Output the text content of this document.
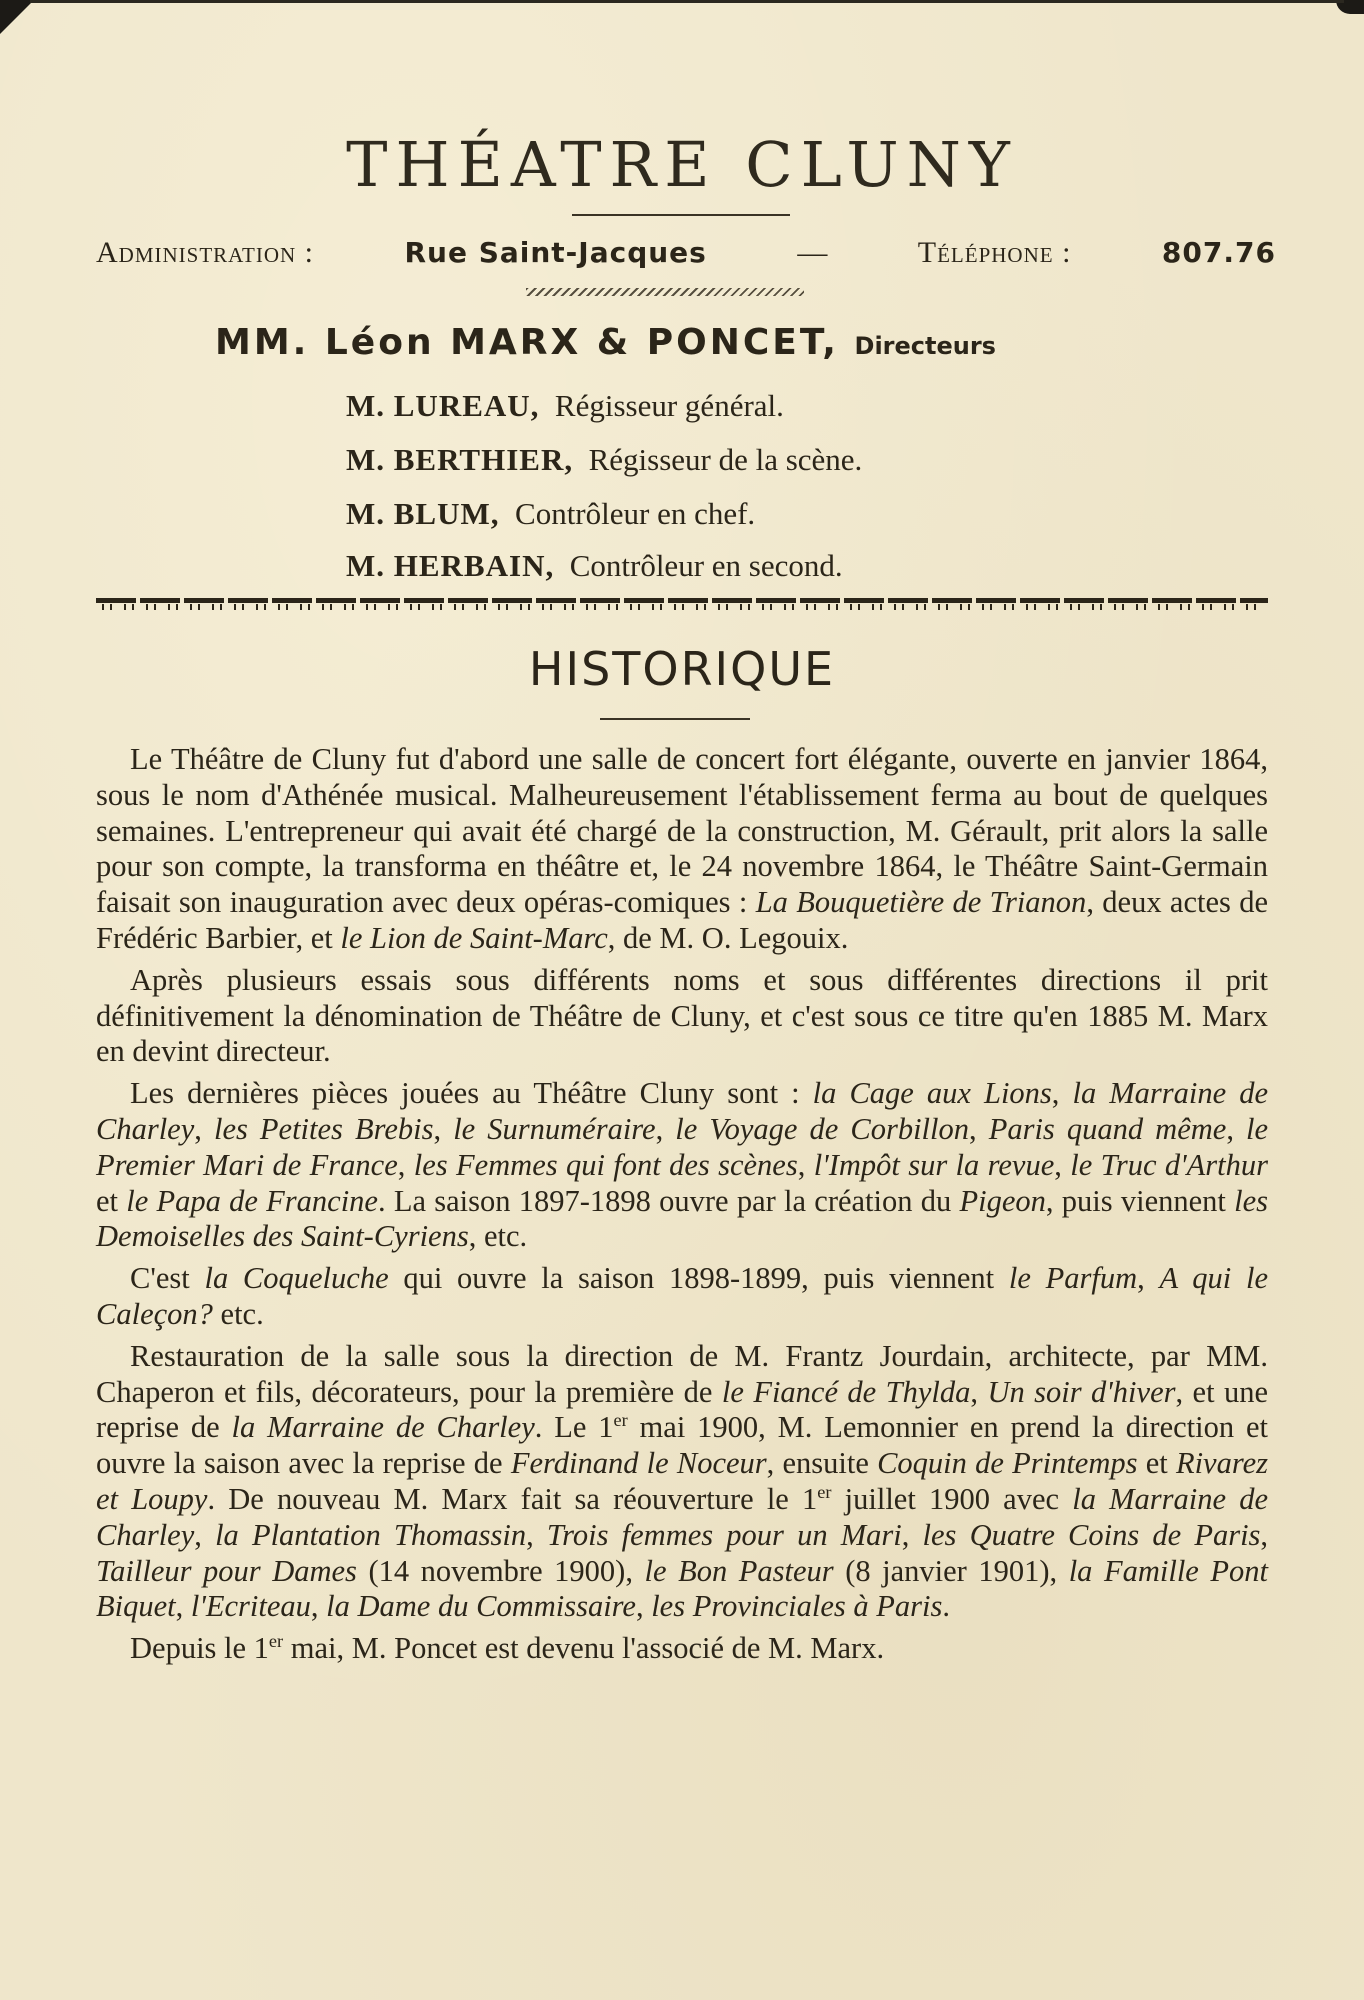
THÉATRE CLUNY
Administration :	Rue Saint-Jacques	—	Téléphone :	807.76
MM. Léon MARX & PONCET, Directeurs
M. LUREAU, Régisseur général.
M. BERTHIER, Régisseur de la scène.
M. BLUM, Contrôleur en chef.
M. HERBAIN, Contrôleur en second.
HISTORIQUE

Le Théâtre de Cluny fut d'abord une salle de concert fort élégante, ouverte en janvier 1864, sous le nom d'Athénée musical. Malheureusement l'établissement ferma au bout de quelques semaines. L'entrepreneur qui avait été chargé de la construction, M. Gérault, prit alors la salle pour son compte, la transforma en théâtre et, le 24 novembre 1864, le Théâtre Saint-Germain faisait son inauguration avec deux opéras-comiques : La Bouquetière de Trianon, deux actes de Frédéric Barbier, et le Lion de Saint-Marc, de M. O. Legouix.

Après plusieurs essais sous différents noms et sous différentes directions il prit définitivement la dénomination de Théâtre de Cluny, et c'est sous ce titre qu'en 1885 M. Marx en devint directeur.

Les dernières pièces jouées au Théâtre Cluny sont : la Cage aux Lions, la Marraine de Charley, les Petites Brebis, le Surnuméraire, le Voyage de Corbillon, Paris quand même, le Premier Mari de France, les Femmes qui font des scènes, l'Impôt sur la revue, le Truc d'Arthur et le Papa de Francine. La saison 1897-1898 ouvre par la création du Pigeon, puis viennent les Demoiselles des Saint-Cyriens, etc.

C'est la Coqueluche qui ouvre la saison 1898-1899, puis viennent le Parfum, A qui le Caleçon? etc.

Restauration de la salle sous la direction de M. Frantz Jourdain, architecte, par MM. Chaperon et fils, décorateurs, pour la première de le Fiancé de Thylda, Un soir d'hiver, et une reprise de la Marraine de Charley. Le 1er mai 1900, M. Lemonnier en prend la direction et ouvre la saison avec la reprise de Ferdinand le Noceur, ensuite Coquin de Printemps et Rivarez et Loupy. De nouveau M. Marx fait sa réouverture le 1er juillet 1900 avec la Marraine de Charley, la Plantation Thomassin, Trois femmes pour un Mari, les Quatre Coins de Paris, Tailleur pour Dames (14 novembre 1900), le Bon Pasteur (8 janvier 1901), la Famille Pont Biquet, l'Ecriteau, la Dame du Commissaire, les Provinciales à Paris.

Depuis le 1er mai, M. Poncet est devenu l'associé de M. Marx.
